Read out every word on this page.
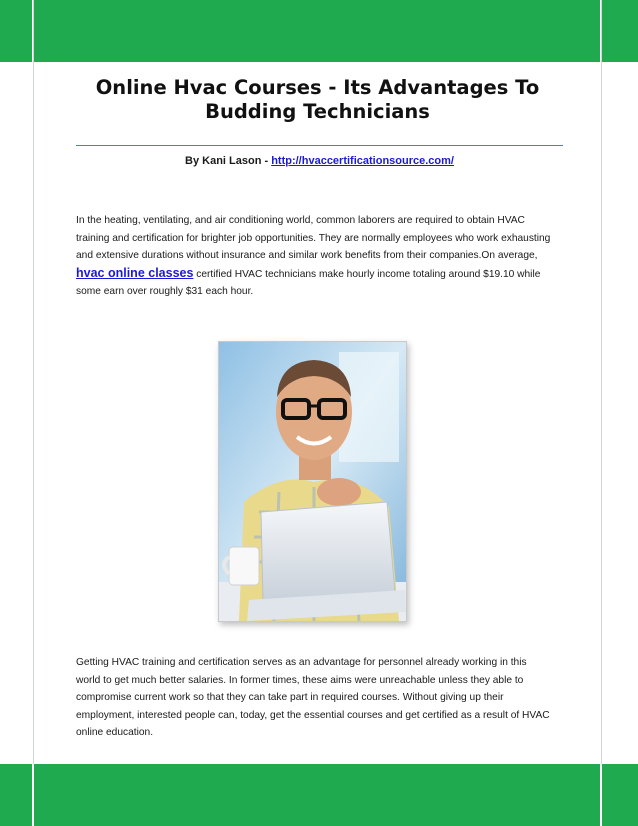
Online Hvac Courses - Its Advantages To Budding Technicians
By Kani Lason - http://hvaccertificationsource.com/
In the heating, ventilating, and air conditioning world, common laborers are required to obtain HVAC training and certification for brighter job opportunities. They are normally employees who work exhausting and extensive durations without insurance and similar work benefits from their companies.On average, hvac online classes certified HVAC technicians make hourly income totaling around $19.10 while some earn over roughly $31 each hour.
Getting HVAC training and certification serves as an advantage for personnel already working in this world to get much better salaries. In former times, these aims were unreachable unless they able to compromise current work so that they can take part in required courses. Without giving up their employment, interested people can, today, get the essential courses and get certified as a result of HVAC online education.
